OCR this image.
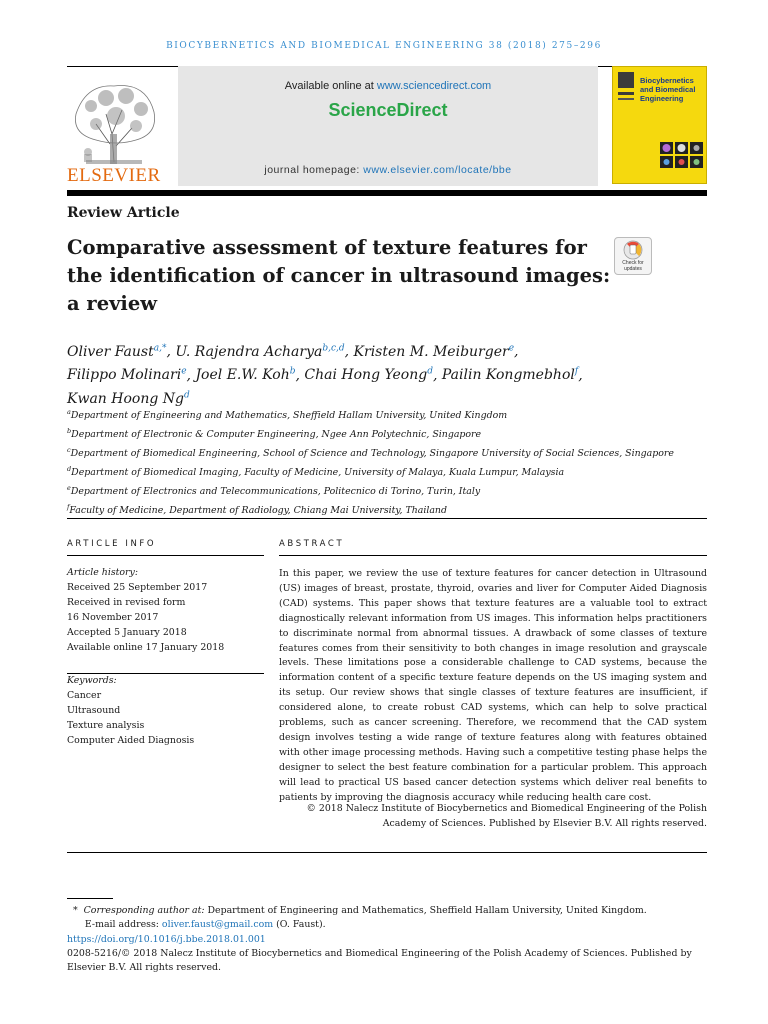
BIOCYBERNETICS AND BIOMEDICAL ENGINEERING 38 (2018) 275–296
ELSEVIER
Available online at www.sciencedirect.com
ScienceDirect
journal homepage: www.elsevier.com/locate/bbe
Biocybernetics and Biomedical Engineering
Review Article
Comparative assessment of texture features for the identification of cancer in ultrasound images: a review
Check for updates
Oliver Faust$^{a,*}$, U. Rajendra Acharya$^{b,c,d}$, Kristen M. Meiburger$^e$,
Filippo Molinari$^e$, Joel E.W. Koh$^b$, Chai Hong Yeong$^d$, Pailin Kongmebhol$^f$,
Kwan Hoong Ng$^d$
$^a$Department of Engineering and Mathematics, Sheffield Hallam University, United Kingdom
$^b$Department of Electronic & Computer Engineering, Ngee Ann Polytechnic, Singapore
$^c$Department of Biomedical Engineering, School of Science and Technology, Singapore University of Social Sciences, Singapore
$^d$Department of Biomedical Imaging, Faculty of Medicine, University of Malaya, Kuala Lumpur, Malaysia
$^e$Department of Electronics and Telecommunications, Politecnico di Torino, Turin, Italy
$^f$Faculty of Medicine, Department of Radiology, Chiang Mai University, Thailand
ARTICLE INFO
Article history:
Received 25 September 2017
Received in revised form
16 November 2017
Accepted 5 January 2018
Available online 17 January 2018
Keywords:
Cancer
Ultrasound
Texture analysis
Computer Aided Diagnosis
ABSTRACT
In this paper, we review the use of texture features for cancer detection in Ultrasound (US) images of breast, prostate, thyroid, ovaries and liver for Computer Aided Diagnosis (CAD) systems. This paper shows that texture features are a valuable tool to extract diagnostically relevant information from US images. This information helps practitioners to discriminate normal from abnormal tissues. A drawback of some classes of texture features comes from their sensitivity to both changes in image resolution and grayscale levels. These limitations pose a considerable challenge to CAD systems, because the information content of a specific texture feature depends on the US imaging system and its setup. Our review shows that single classes of texture features are insufficient, if considered alone, to create robust CAD systems, which can help to solve practical problems, such as cancer screening. Therefore, we recommend that the CAD system design involves testing a wide range of texture features along with features obtained with other image processing methods. Having such a competitive testing phase helps the designer to select the best feature combination for a particular problem. This approach will lead to practical US based cancer detection systems which deliver real benefits to patients by improving the diagnosis accuracy while reducing health care cost.
© 2018 Nalecz Institute of Biocybernetics and Biomedical Engineering of the Polish
Academy of Sciences. Published by Elsevier B.V. All rights reserved.
* Corresponding author at: Department of Engineering and Mathematics, Sheffield Hallam University, United Kingdom.
E-mail address: oliver.faust@gmail.com (O. Faust).
https://doi.org/10.1016/j.bbe.2018.01.001
0208-5216/© 2018 Nalecz Institute of Biocybernetics and Biomedical Engineering of the Polish Academy of Sciences. Published by Elsevier B.V. All rights reserved.
